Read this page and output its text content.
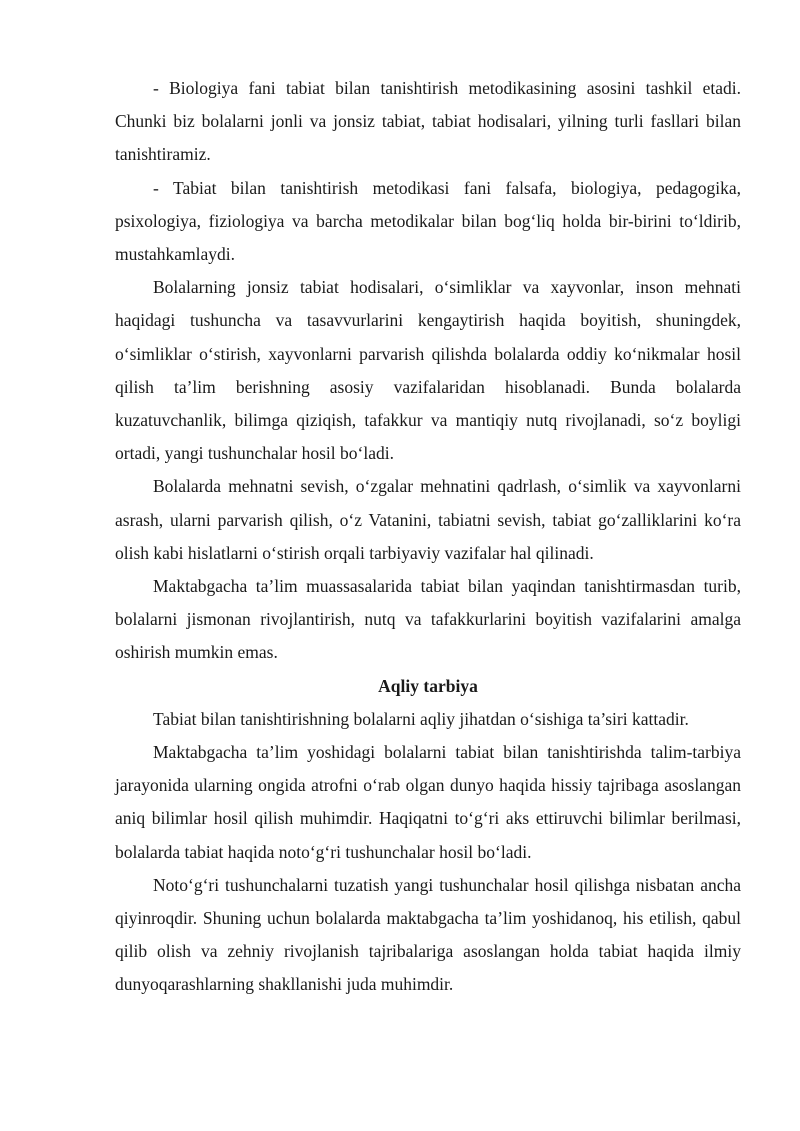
- Biologiya fani tabiat bilan tanishtirish metodikasining asosini tashkil etadi. Chunki biz bolalarni jonli va jonsiz tabiat, tabiat hodisalari, yilning turli fasllari bilan tanishtiramiz.

- Tabiat bilan tanishtirish metodikasi fani falsafa, biologiya, pedagogika, psixologiya, fiziologiya va barcha metodikalar bilan bog‘liq holda bir-birini to‘ldirib, mustahkamlaydi.

Bolalarning jonsiz tabiat hodisalari, o‘simliklar va xayvonlar, inson mehnati haqidagi tushuncha va tasavvurlarini kengaytirish haqida boyitish, shuningdek, o‘simliklar o‘stirish, xayvonlarni parvarish qilishda bolalarda oddiy ko‘nikmalar hosil qilish ta’lim berishning asosiy vazifalaridan hisoblanadi. Bunda bolalarda kuzatuvchanlik, bilimga qiziqish, tafakkur va mantiqiy nutq rivojlanadi, so‘z boyligi ortadi, yangi tushunchalar hosil bo‘ladi.

Bolalarda mehnatni sevish, o‘zgalar mehnatini qadrlash, o‘simlik va xayvonlarni asrash, ularni parvarish qilish, o‘z Vatanini, tabiatni sevish, tabiat go‘zalliklarini ko‘ra olish kabi hislatlarni o‘stirish orqali tarbiyaviy vazifalar hal qilinadi.

Maktabgacha ta’lim muassasalarida tabiat bilan yaqindan tanishtirmasdan turib, bolalarni jismonan rivojlantirish, nutq va tafakkurlarini boyitish vazifalarini amalga oshirish mumkin emas.

Aqliy tarbiya

Tabiat bilan tanishtirishning bolalarni aqliy jihatdan o‘sishiga ta’siri kattadir.

Maktabgacha ta’lim yoshidagi bolalarni tabiat bilan tanishtirishda talim-tarbiya jarayonida ularning ongida atrofni o‘rab olgan dunyo haqida hissiy tajribaga asoslangan aniq bilimlar hosil qilish muhimdir. Haqiqatni to‘g‘ri aks ettiruvchi bilimlar berilmasi, bolalarda tabiat haqida noto‘g‘ri tushunchalar hosil bo‘ladi.

Noto‘g‘ri tushunchalarni tuzatish yangi tushunchalar hosil qilishga nisbatan ancha qiyinroqdir. Shuning uchun bolalarda maktabgacha ta’lim yoshidanoq, his etilish, qabul qilib olish va zehniy rivojlanish tajribalariga asoslangan holda tabiat haqida ilmiy dunyoqarashlarning shakllanishi juda muhimdir.
